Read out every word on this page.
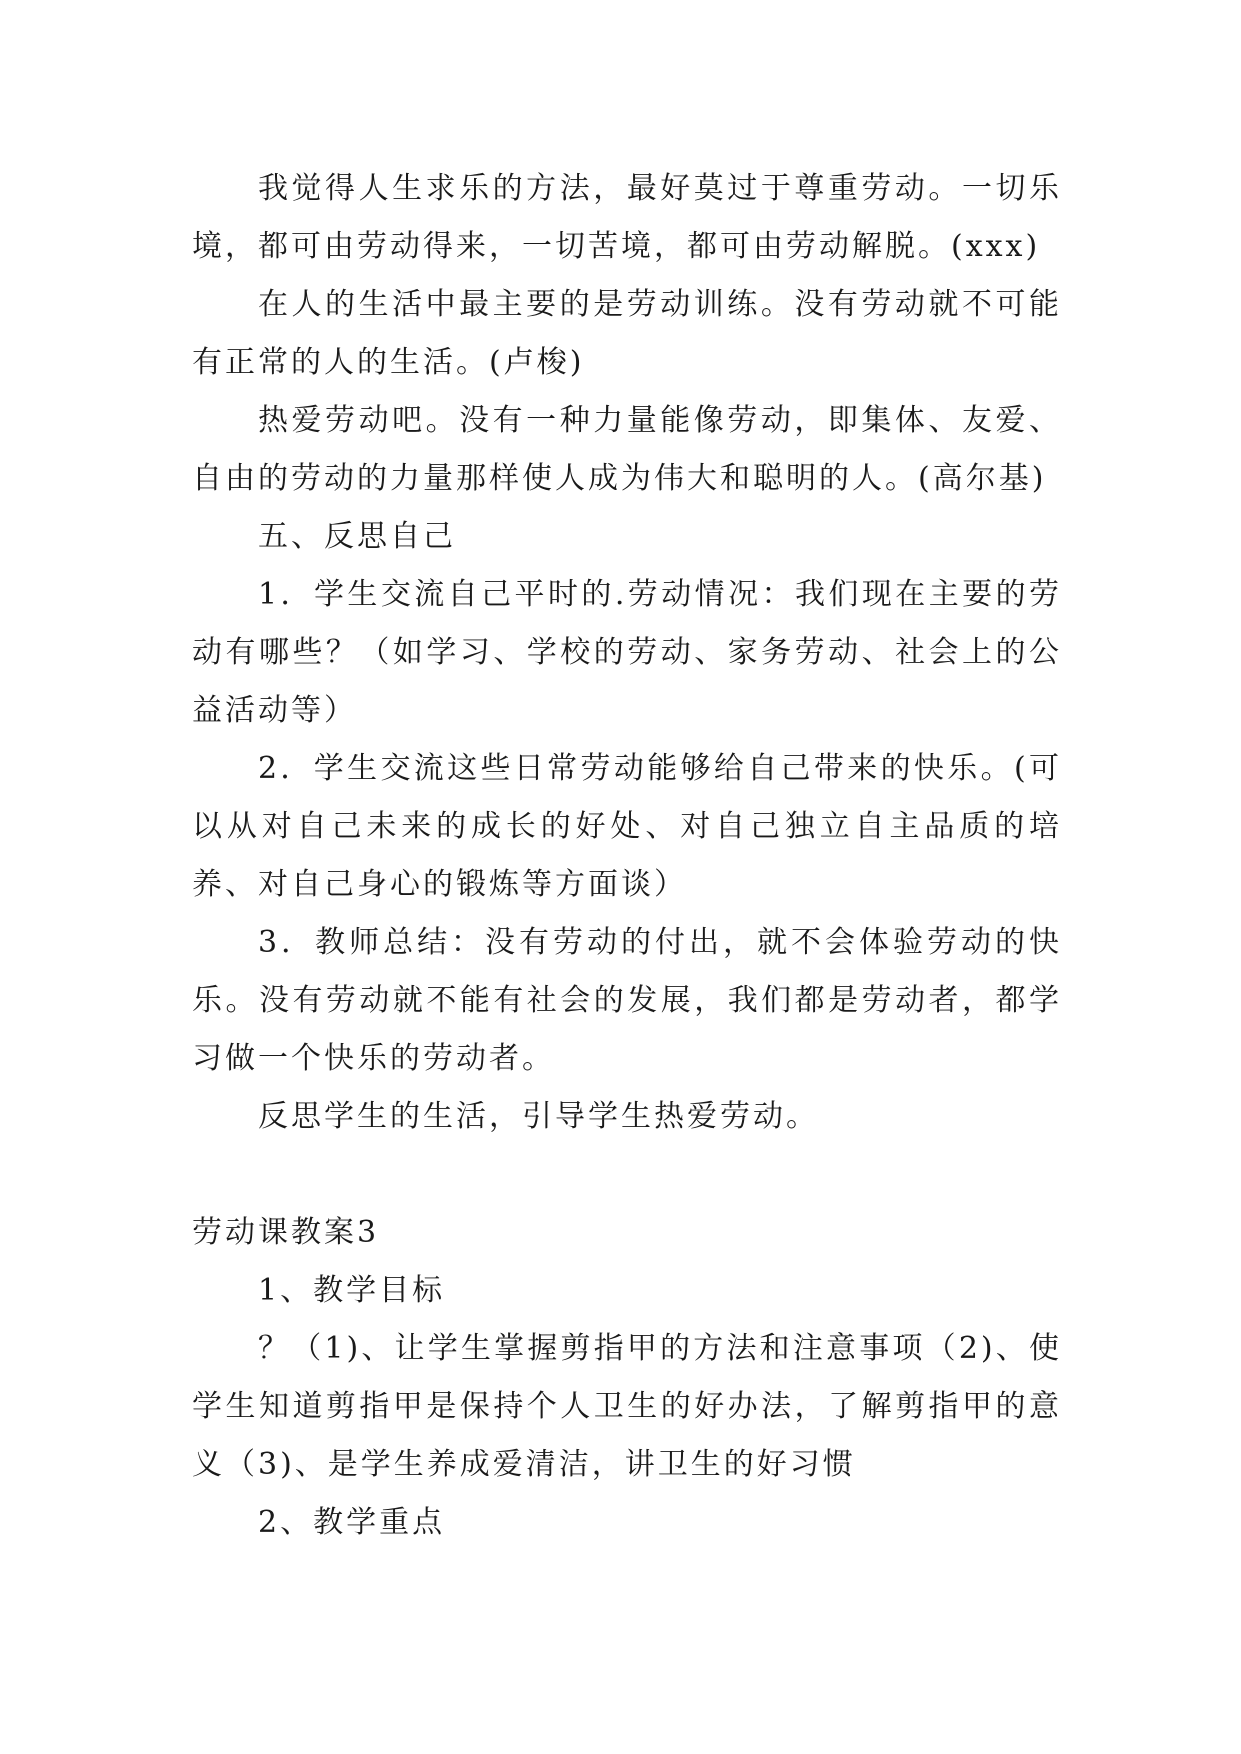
我觉得人生求乐的方法，最好莫过于尊重劳动。一切乐境，都可由劳动得来，一切苦境，都可由劳动解脱。(xxx)

在人的生活中最主要的是劳动训练。没有劳动就不可能有正常的人的生活。(卢梭)

热爱劳动吧。没有一种力量能像劳动，即集体、友爱、自由的劳动的力量那样使人成为伟大和聪明的人。(高尔基)

五、反思自己

1．学生交流自己平时的.劳动情况：我们现在主要的劳动有哪些？（如学习、学校的劳动、家务劳动、社会上的公益活动等）

2．学生交流这些日常劳动能够给自己带来的快乐。(可以从对自己未来的成长的好处、对自己独立自主品质的培养、对自己身心的锻炼等方面谈）

3．教师总结：没有劳动的付出，就不会体验劳动的快乐。没有劳动就不能有社会的发展，我们都是劳动者，都学习做一个快乐的劳动者。

反思学生的生活，引导学生热爱劳动。

劳动课教案3

1、教学目标

？（1)、让学生掌握剪指甲的方法和注意事项（2)、使学生知道剪指甲是保持个人卫生的好办法，了解剪指甲的意义（3)、是学生养成爱清洁，讲卫生的好习惯

2、教学重点
